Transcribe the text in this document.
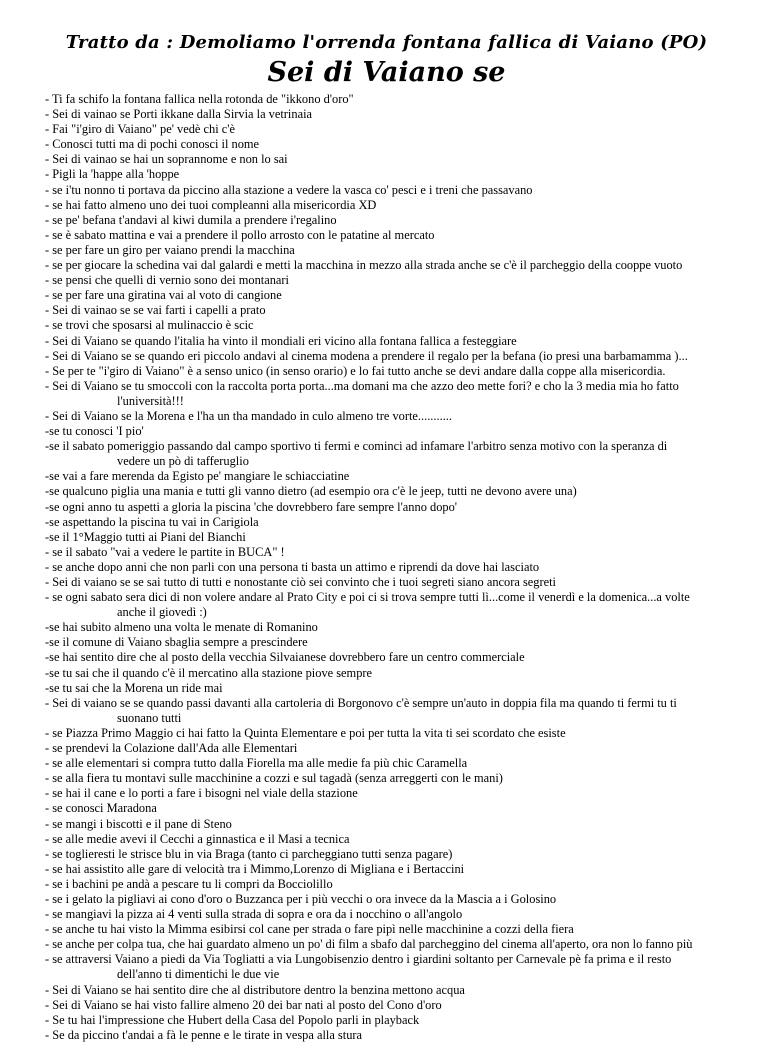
Tratto da : Demoliamo l'orrenda fontana fallica di Vaiano (PO)
Sei di Vaiano se
- Ti fa schifo la fontana fallica nella rotonda de "ikkono d'oro"
- Sei di vainao se Porti ikkane dalla Sirvia la vetrinaia
- Fai "i'giro di Vaiano" pe' vedè chi c'è
- Conosci tutti ma di pochi conosci il nome
- Sei di vainao se hai un soprannome e non lo sai
- Pigli la 'happe alla 'hoppe
- se i'tu nonno ti portava da piccino alla stazione a vedere la vasca co' pesci e i treni che passavano
- se hai fatto almeno uno dei tuoi compleanni alla misericordia XD
- se pe' befana t'andavi al kiwi dumila a prendere i'regalino
- se è sabato mattina e vai a prendere il pollo arrosto con le patatine al mercato
- se per fare un giro per vaiano prendi la macchina
- se per giocare la schedina vai dal galardi e metti la macchina in mezzo alla strada anche se c'è il parcheggio della cooppe vuoto
- se pensi che quelli di vernio sono dei montanari
- se per fare una giratina vai al voto di cangione
- Sei di vainao se se vai farti i capelli a prato
- se trovi che sposarsi al mulinaccio è scic
- Sei di Vaiano se quando l'italia ha vinto il mondiali eri vicino alla fontana fallica a festeggiare
- Sei di Vaiano se se quando eri piccolo andavi al cinema modena a prendere il regalo per la befana (io presi una barbamamma )...
- Se per te "i'giro di Vaiano" è a senso unico (in senso orario) e lo fai tutto anche se devi andare dalla coppe alla misericordia.
- Sei di Vaiano se tu smoccoli con la raccolta porta porta...ma domani ma che azzo deo mette fori? e cho la 3 media mia ho fatto
l'università!!!
- Sei di Vaiano se la Morena e l'ha un tha mandado in culo almeno tre vorte...........
-se tu conosci 'I pio'
-se il sabato pomeriggio passando dal campo sportivo ti fermi e cominci ad infamare l'arbitro senza motivo con la speranza di
vedere un pò di tafferuglio
-se vai a fare merenda da Egisto pe' mangiare le schiacciatine
-se qualcuno piglia una mania e tutti gli vanno dietro (ad esempio ora c'è le jeep, tutti ne devono avere una)
-se ogni anno tu aspetti a gloria la piscina 'che dovrebbero fare sempre l'anno dopo'
-se aspettando la piscina tu vai in Carigiola
-se il 1°Maggio tutti ai Piani del Bianchi
- se il sabato "vai a vedere le partite in BUCA" !
- se anche dopo anni che non parli con una persona ti basta un attimo e riprendi da dove hai lasciato
- Sei di vaiano se se sai tutto di tutti e nonostante ciò sei convinto che i tuoi segreti siano ancora segreti
- se ogni sabato sera dici di non volere andare al Prato City e poi ci si trova sempre tutti lì...come il venerdì e la domenica...a volte
anche il giovedì :)
-se hai subito almeno una volta le menate di Romanino
-se il comune di Vaiano sbaglia sempre a prescindere
-se hai sentito dire che al posto della vecchia Silvaianese dovrebbero fare un centro commerciale
-se tu sai che il quando c'è il mercatino alla stazione piove sempre
-se tu sai che la Morena un ride mai
- Sei di vaiano se se quando passi davanti alla cartoleria di Borgonovo c'è sempre un'auto in doppia fila ma quando ti fermi tu ti
suonano tutti
- se Piazza Primo Maggio ci hai fatto la Quinta Elementare e poi per tutta la vita ti sei scordato che esiste
- se prendevi la Colazione dall'Ada alle Elementari
- se alle elementari si compra tutto dalla Fiorella ma alle medie fa più chic Caramella
- se alla fiera tu montavi sulle macchinine a cozzi e sul tagadà (senza arreggerti con le mani)
- se hai il cane e lo porti a fare i bisogni nel viale della stazione
- se conosci Maradona
- se mangi i biscotti e il pane di Steno
- se alle medie avevi il Cecchi a ginnastica e il Masi a tecnica
- se toglieresti le strisce blu in via Braga (tanto ci parcheggiano tutti senza pagare)
- se hai assistito alle gare di velocità tra i Mimmo,Lorenzo di Migliana e i Bertaccini
- se i bachini pe andà a pescare tu li compri da Bocciolillo
- se i gelato la pigliavi ai cono d'oro o Buzzanca per i più vecchi o ora invece da la Mascia a i Golosino
- se mangiavi la pizza ai 4 venti sulla strada di sopra e ora da i nocchino o all'angolo
- se anche tu hai visto la Mimma esibirsi col cane per strada o fare pipì nelle macchinine a cozzi della fiera
- se anche per colpa tua, che hai guardato almeno un po' di film a sbafo dal parcheggino del cinema all'aperto, ora non lo fanno più
- se attraversi Vaiano a piedi da Via Togliatti a via Lungobisenzio dentro i giardini soltanto per Carnevale pè fa prima e il resto
dell'anno ti dimentichi le due vie
- Sei di Vaiano se hai sentito dire che al distributore dentro la benzina mettono acqua
- Sei di Vaiano se hai visto fallire almeno 20 dei bar nati al posto del Cono d'oro
- Se tu hai l'impressione che Hubert della Casa del Popolo parli in playback
- Se da piccino t'andai a fà le penne e le tirate in vespa alla stura
